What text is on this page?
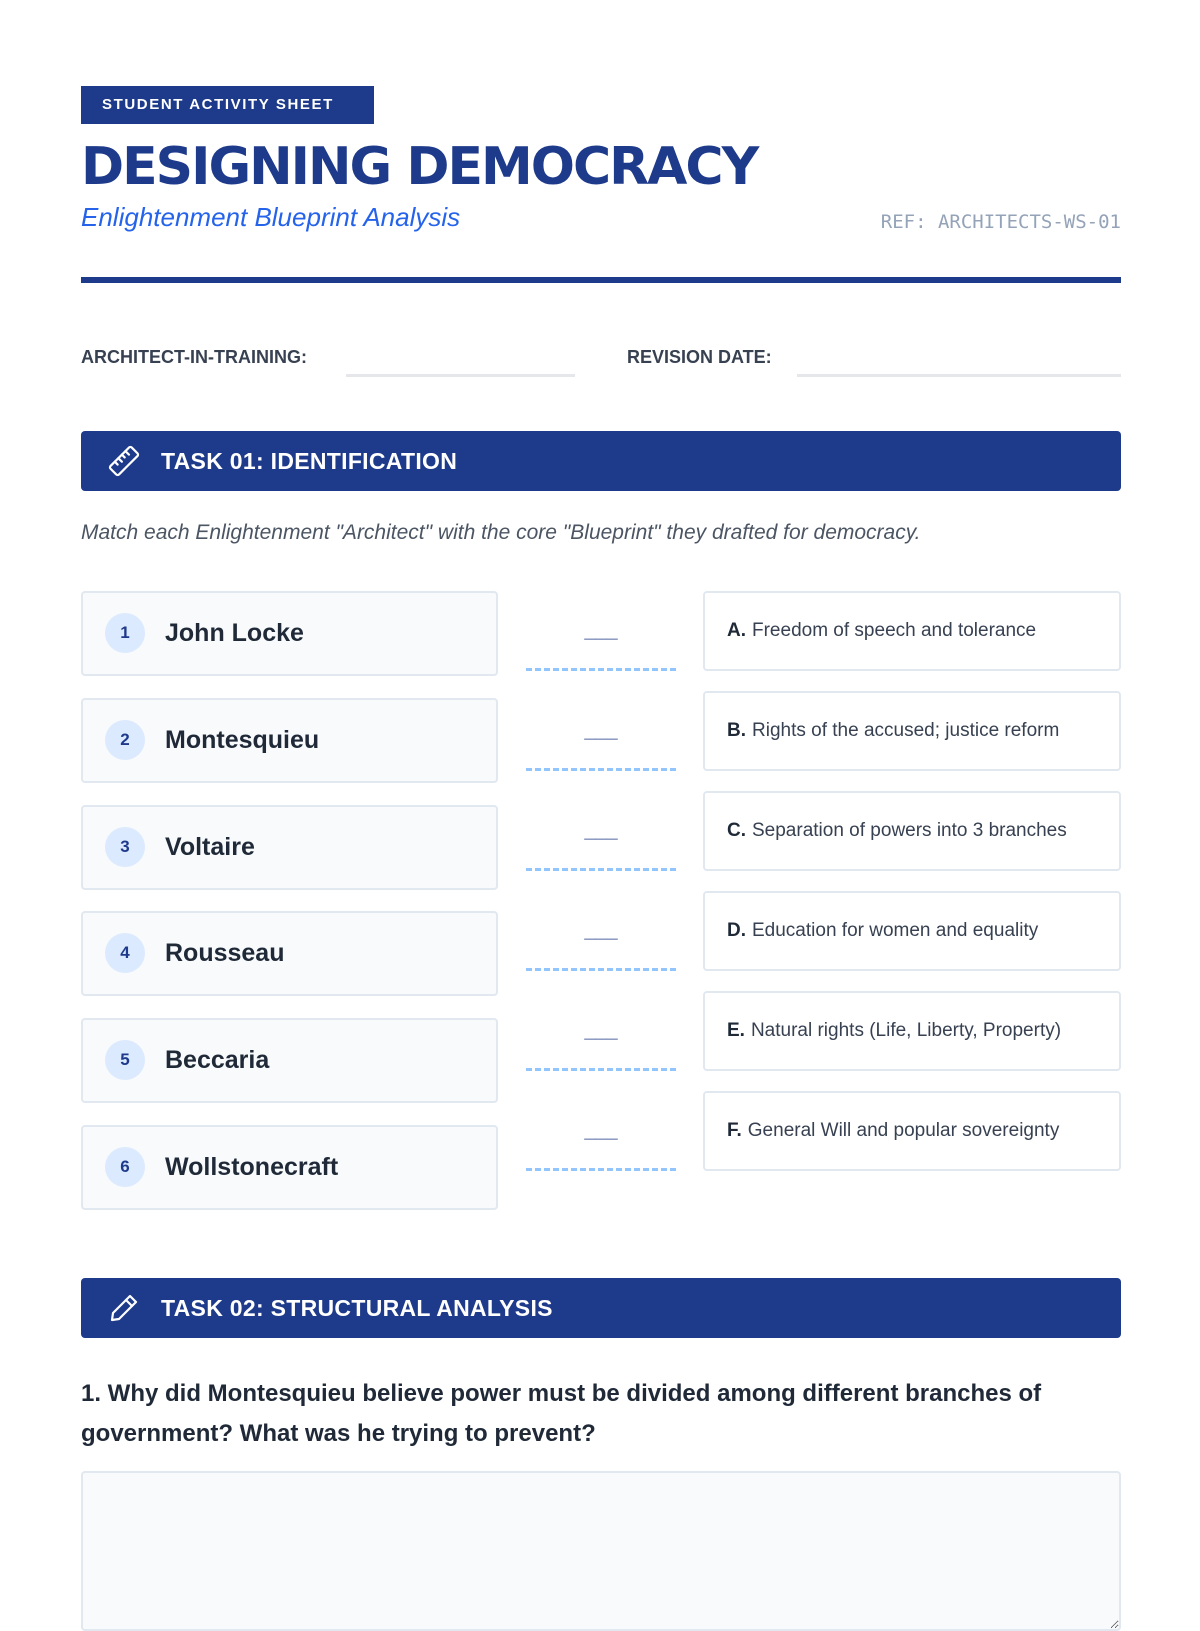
STUDENT ACTIVITY SHEET
DESIGNING DEMOCRACY
Enlightenment Blueprint Analysis	REF: ARCHITECTS-WS-01
ARCHITECT-IN-TRAINING:	REVISION DATE:
TASK 01: IDENTIFICATION
Match each Enlightenment "Architect" with the core "Blueprint" they drafted for democracy.
1	John Locke
2	Montesquieu
3	Voltaire
4	Rousseau
5	Beccaria
6	Wollstonecraft
___	A. Freedom of speech and tolerance
___	B. Rights of the accused; justice reform
___	C. Separation of powers into 3 branches
___	D. Education for women and equality
___	E. Natural rights (Life, Liberty, Property)
___	F. General Will and popular sovereignty
TASK 02: STRUCTURAL ANALYSIS
1. Why did Montesquieu believe power must be divided among different branches of government? What was he trying to prevent?
